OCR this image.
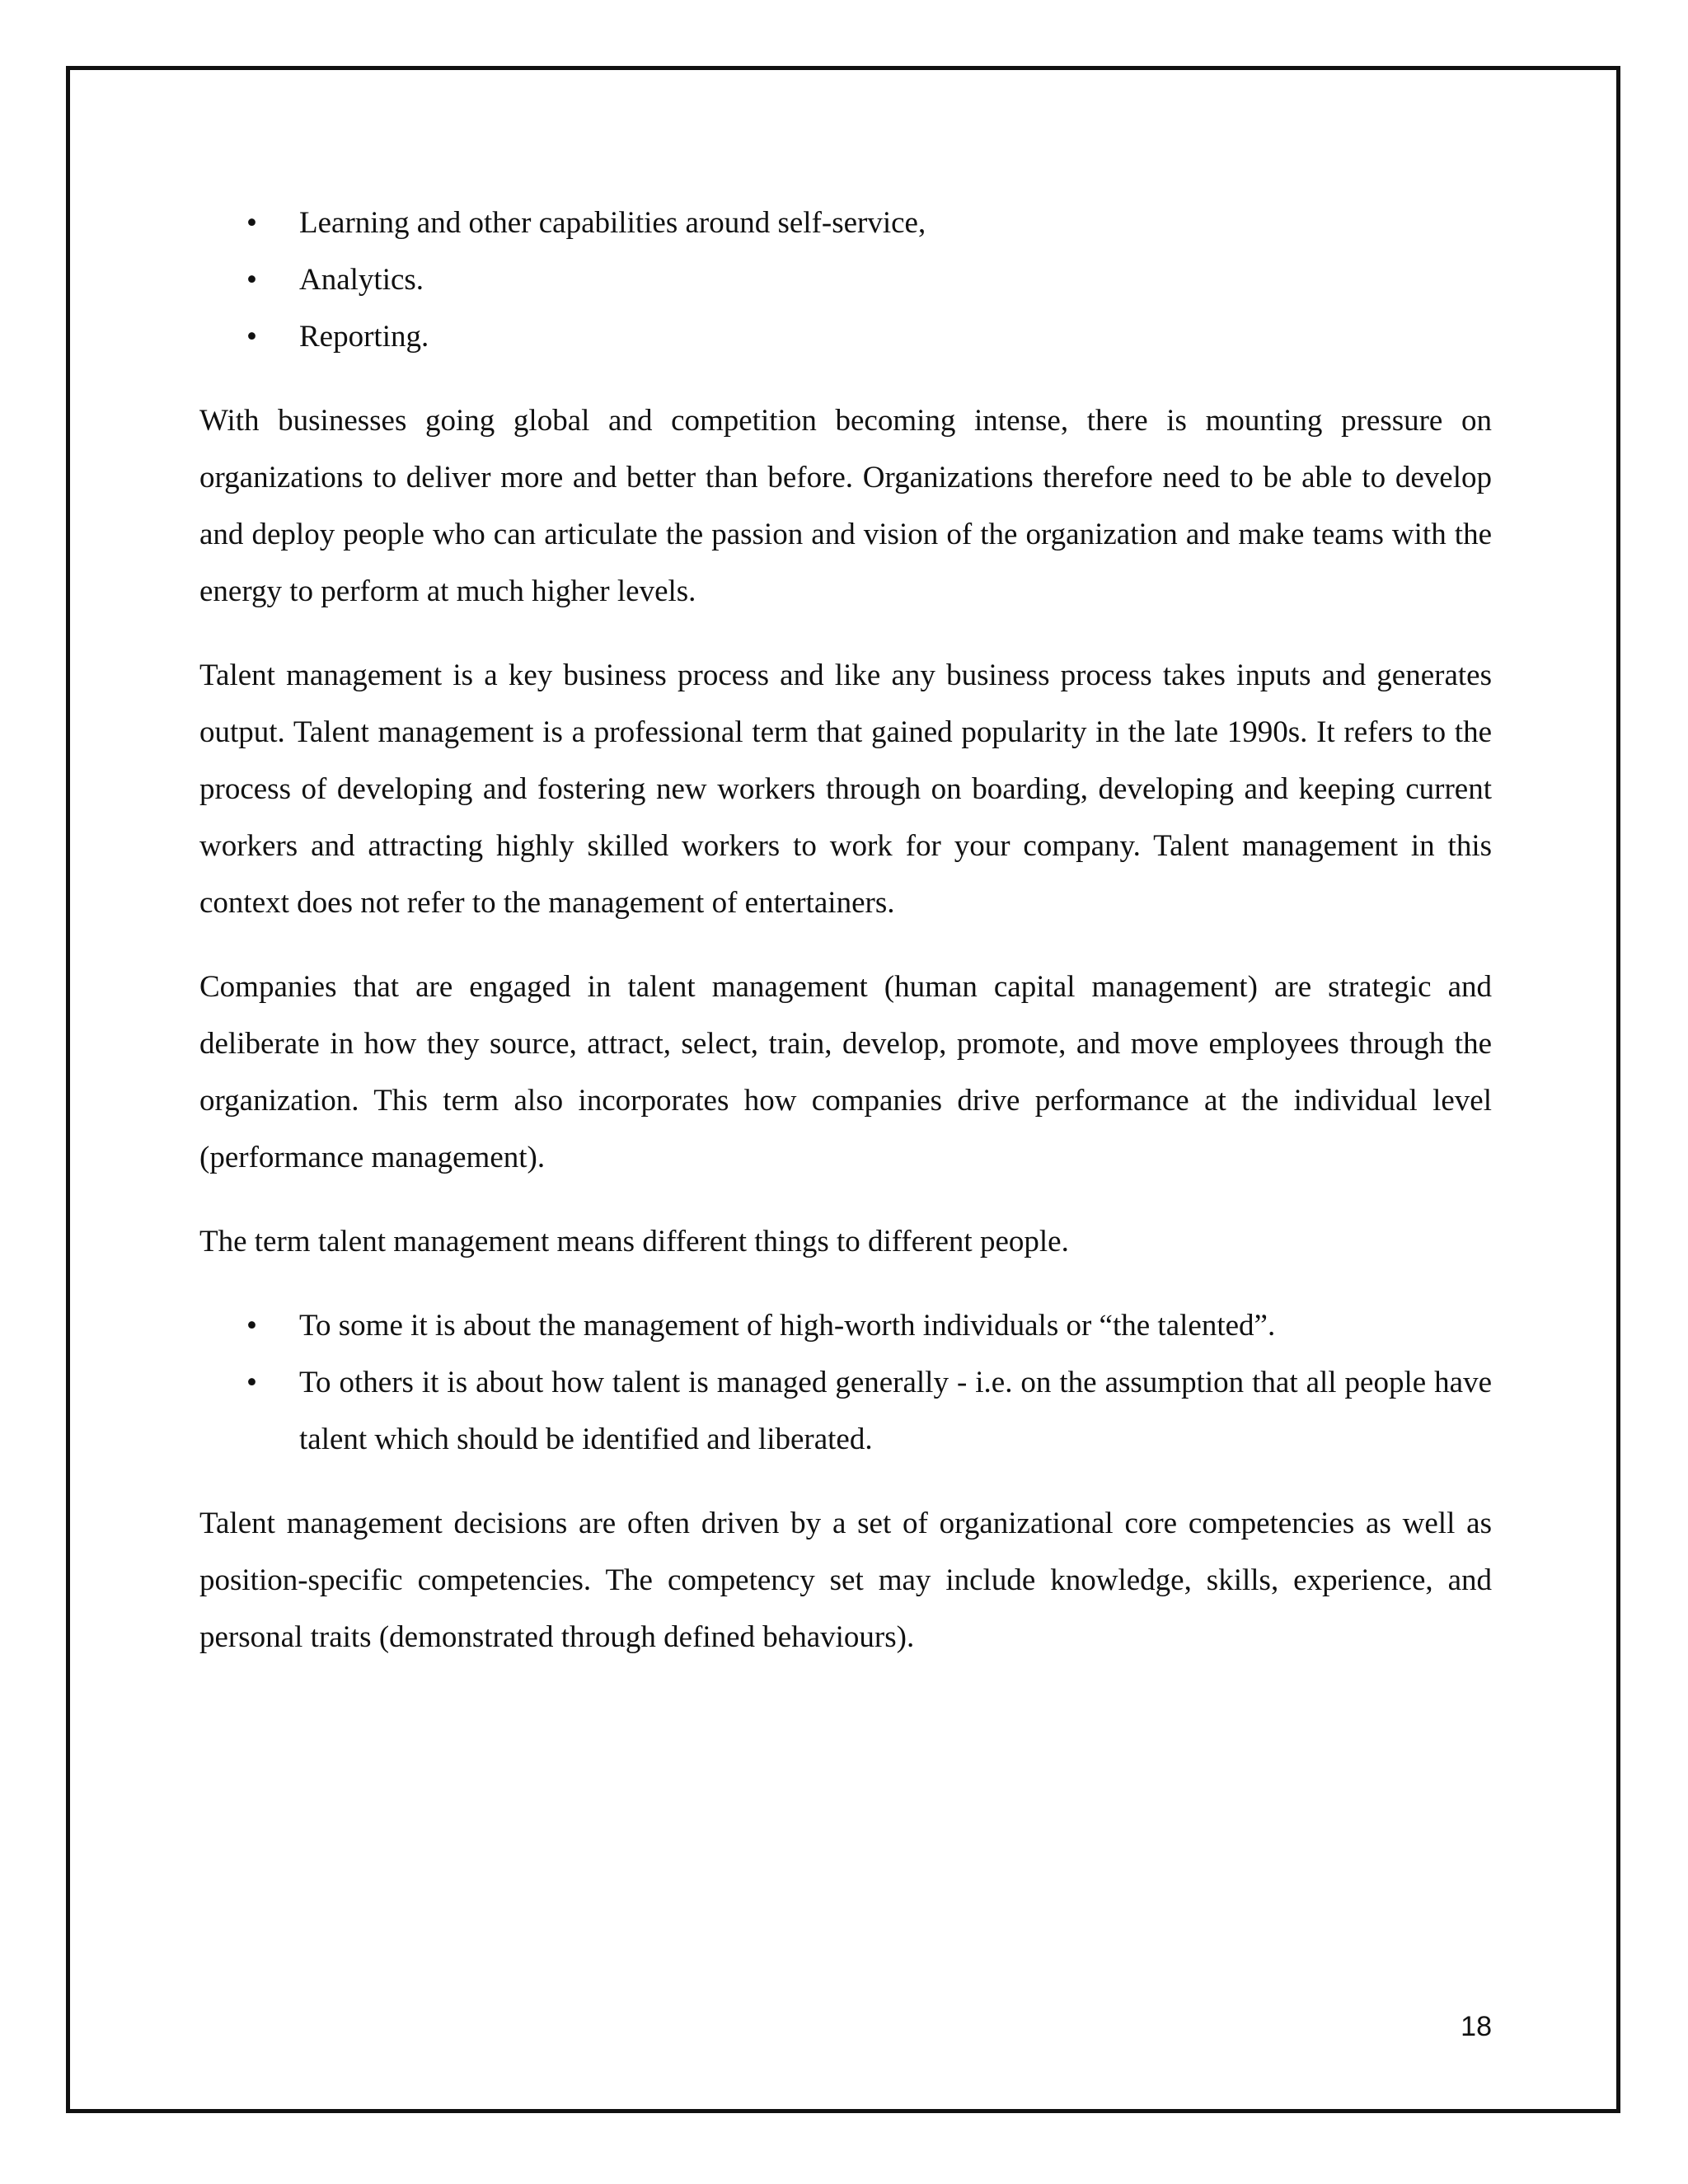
• Learning and other capabilities around self-service,
• Analytics.
• Reporting.

With businesses going global and competition becoming intense, there is mounting pressure on organizations to deliver more and better than before. Organizations therefore need to be able to develop and deploy people who can articulate the passion and vision of the organization and make teams with the energy to perform at much higher levels.

Talent management is a key business process and like any business process takes inputs and generates output. Talent management is a professional term that gained popularity in the late 1990s. It refers to the process of developing and fostering new workers through on boarding, developing and keeping current workers and attracting highly skilled workers to work for your company. Talent management in this context does not refer to the management of entertainers.

Companies that are engaged in talent management (human capital management) are strategic and deliberate in how they source, attract, select, train, develop, promote, and move employees through the organization. This term also incorporates how companies drive performance at the individual level (performance management).

The term talent management means different things to different people.

• To some it is about the management of high-worth individuals or “the talented”.
• To others it is about how talent is managed generally - i.e. on the assumption that all people have talent which should be identified and liberated.

Talent management decisions are often driven by a set of organizational core competencies as well as position-specific competencies. The competency set may include knowledge, skills, experience, and personal traits (demonstrated through defined behaviours).

18
